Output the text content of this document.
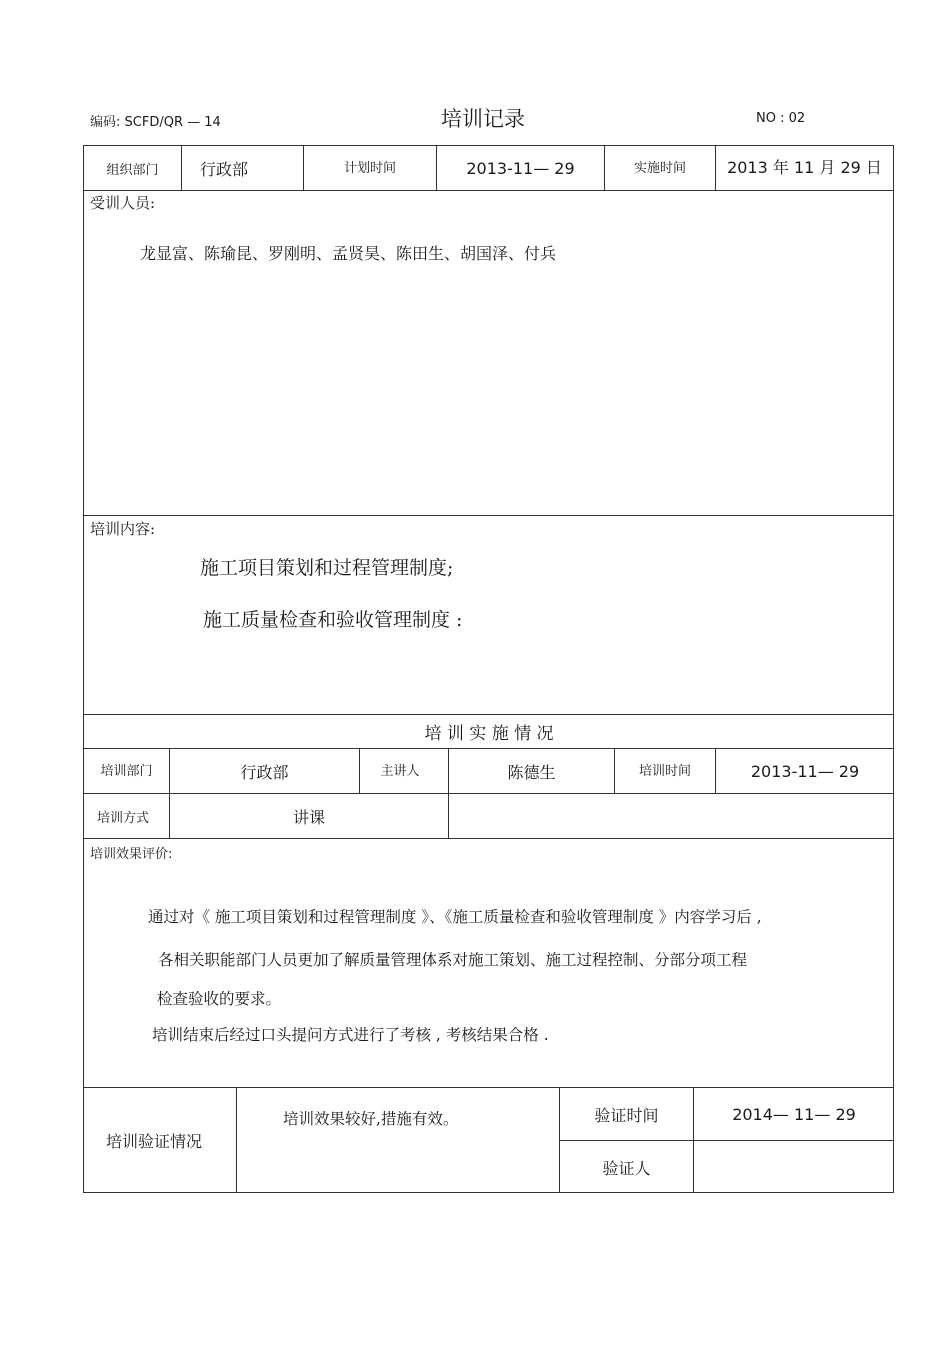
编码: SCFD/QR — 14	培训记录	NO : 02
组织部门	行政部	计划时间	2013-11— 29	实施时间	2013 年 11 月 29 日
受训人员:
龙显富、陈瑜昆、罗刚明、孟贤昊、陈田生、胡国泽、付兵
培训内容:
施工项目策划和过程管理制度;
施工质量检查和验收管理制度 :
培 训 实 施 情 况
培训部门	行政部	主讲人	陈德生	培训时间	2013-11— 29
培训方式	讲课
培训效果评价:
通过对《 施工项目策划和过程管理制度 》、《施工质量检查和验收管理制度 》内容学习后 ,
各相关职能部门人员更加了解质量管理体系对施工策划、施工过程控制、分部分项工程
检查验收的要求。
培训结束后经过口头提问方式进行了考核 , 考核结果合格 .
培训验证情况
培训效果较好,措施有效。	验证时间	2014— 11— 29
验证人
